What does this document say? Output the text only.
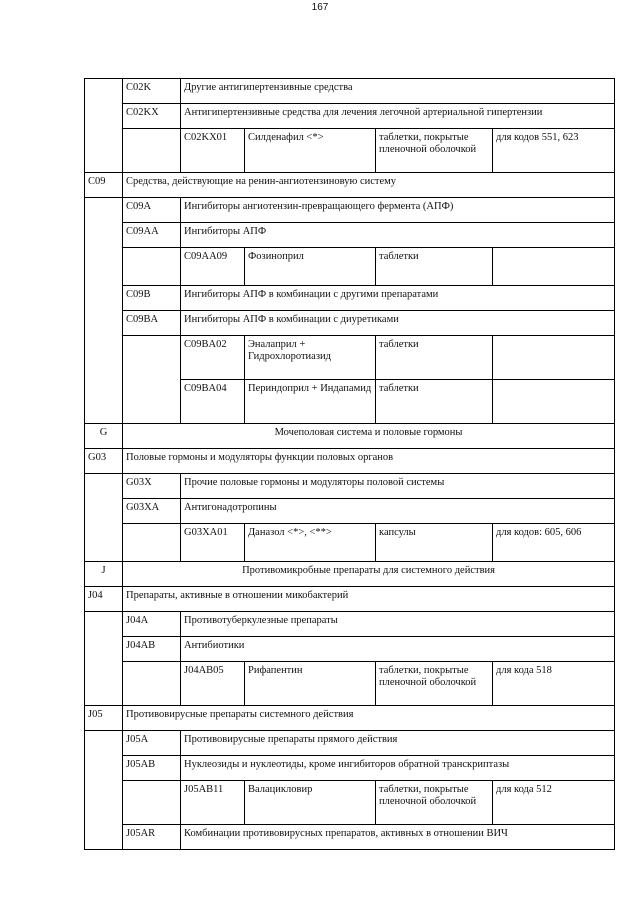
167
	C02K	Другие антигипертензивные средства			
	C02KX	Антигипертензивные средства для лечения легочной артериальной гипертензии			
		C02KX01	Силденафил <*>	таблетки, покрытые пленочной оболочкой	для кодов 551, 623
C09	Средства, действующие на ренин-ангиотензиновую систему				
	C09A	Ингибиторы ангиотензин-превращающего фермента (АПФ)			
	C09AA	Ингибиторы АПФ			
		C09AA09	Фозиноприл	таблетки	
	C09B	Ингибиторы АПФ в комбинации с другими препаратами			
	C09BA	Ингибиторы АПФ в комбинации с диуретиками			
		C09BA02	Эналаприл + Гидрохлоротиазид	таблетки	
		C09BA04	Периндоприл + Индапамид	таблетки	
G	Мочеполовая система и половые гормоны				
G03	Половые гормоны и модуляторы функции половых органов				
	G03X	Прочие половые гормоны и модуляторы половой системы			
	G03XA	Антигонадотропины			
		G03XA01	Даназол <*>, <**>	капсулы	для кодов: 605, 606
J	Противомикробные препараты для системного действия				
J04	Препараты, активные в отношении микобактерий				
	J04A	Противотуберкулезные препараты			
	J04AB	Антибиотики			
		J04AB05	Рифапентин	таблетки, покрытые пленочной оболочкой	для кода 518
J05	Противовирусные препараты системного действия				
	J05A	Противовирусные препараты прямого действия			
	J05AB	Нуклеозиды и нуклеотиды, кроме ингибиторов обратной транскриптазы			
		J05AB11	Валацикловир	таблетки, покрытые пленочной оболочкой	для кода 512
	J05AR	Комбинации противовирусных препаратов, активных в отношении ВИЧ			
